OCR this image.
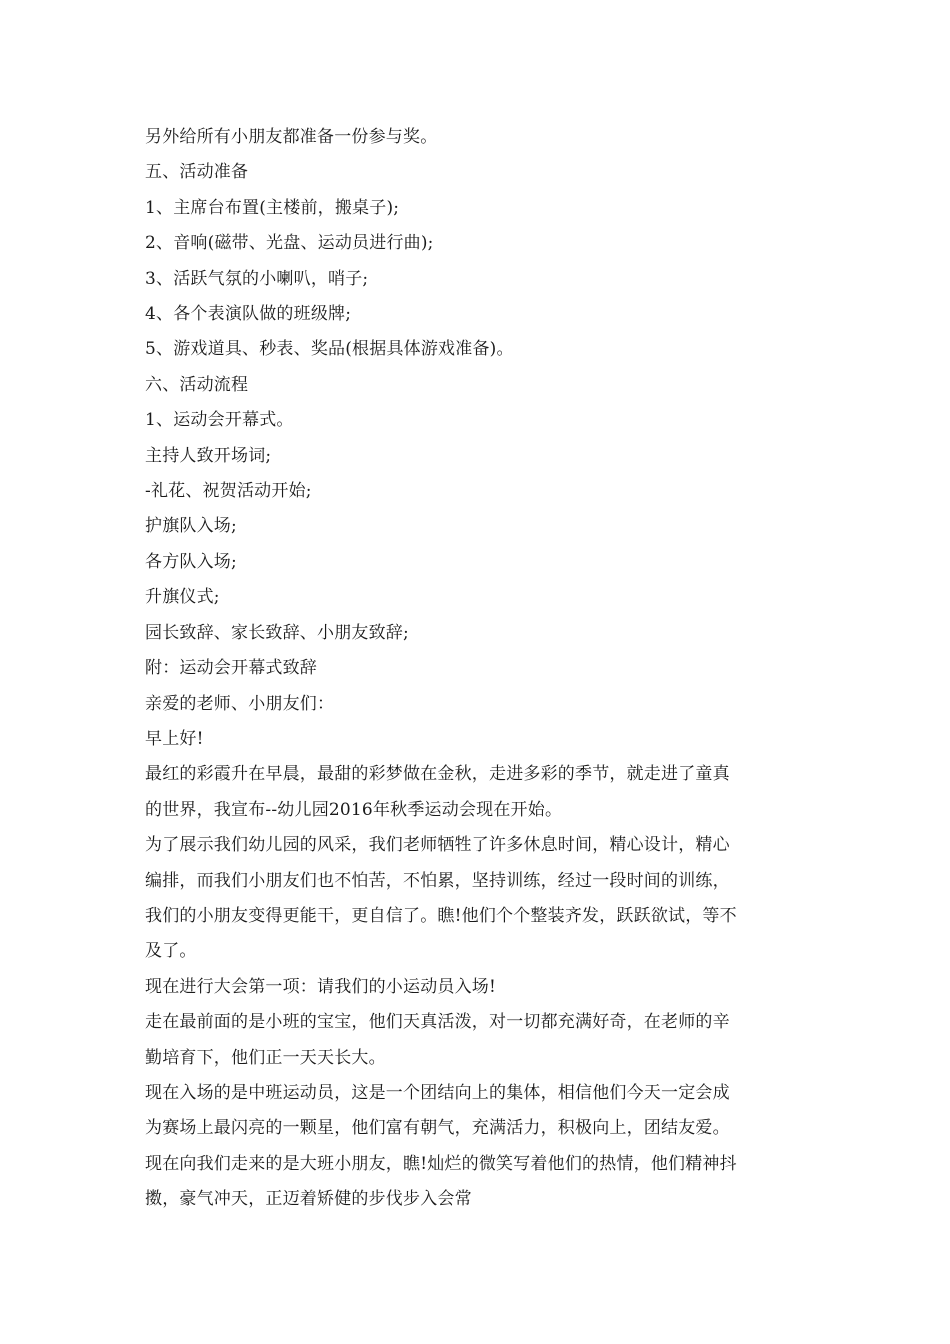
另外给所有小朋友都准备一份参与奖。

五、活动准备

1、主席台布置(主楼前，搬桌子);

2、音响(磁带、光盘、运动员进行曲);

3、活跃气氛的小喇叭，哨子;

4、各个表演队做的班级牌;

5、游戏道具、秒表、奖品(根据具体游戏准备)。

六、活动流程

1、运动会开幕式。

主持人致开场词;

-礼花、祝贺活动开始;

护旗队入场;

各方队入场;

升旗仪式;

园长致辞、家长致辞、小朋友致辞;

附：运动会开幕式致辞

亲爱的老师、小朋友们：

早上好!

最红的彩霞升在早晨，最甜的彩梦做在金秋，走进多彩的季节，就走进了童真

的世界，我宣布--幼儿园2016年秋季运动会现在开始。

为了展示我们幼儿园的风采，我们老师牺牲了许多休息时间，精心设计，精心

编排，而我们小朋友们也不怕苦，不怕累，坚持训练，经过一段时间的训练，

我们的小朋友变得更能干，更自信了。瞧!他们个个整装齐发，跃跃欲试，等不

及了。

现在进行大会第一项：请我们的小运动员入场!

走在最前面的是小班的宝宝，他们天真活泼，对一切都充满好奇，在老师的辛

勤培育下，他们正一天天长大。

现在入场的是中班运动员，这是一个团结向上的集体，相信他们今天一定会成

为赛场上最闪亮的一颗星，他们富有朝气，充满活力，积极向上，团结友爱。

现在向我们走来的是大班小朋友，瞧!灿烂的微笑写着他们的热情，他们精神抖

擞，豪气冲天，正迈着矫健的步伐步入会常
